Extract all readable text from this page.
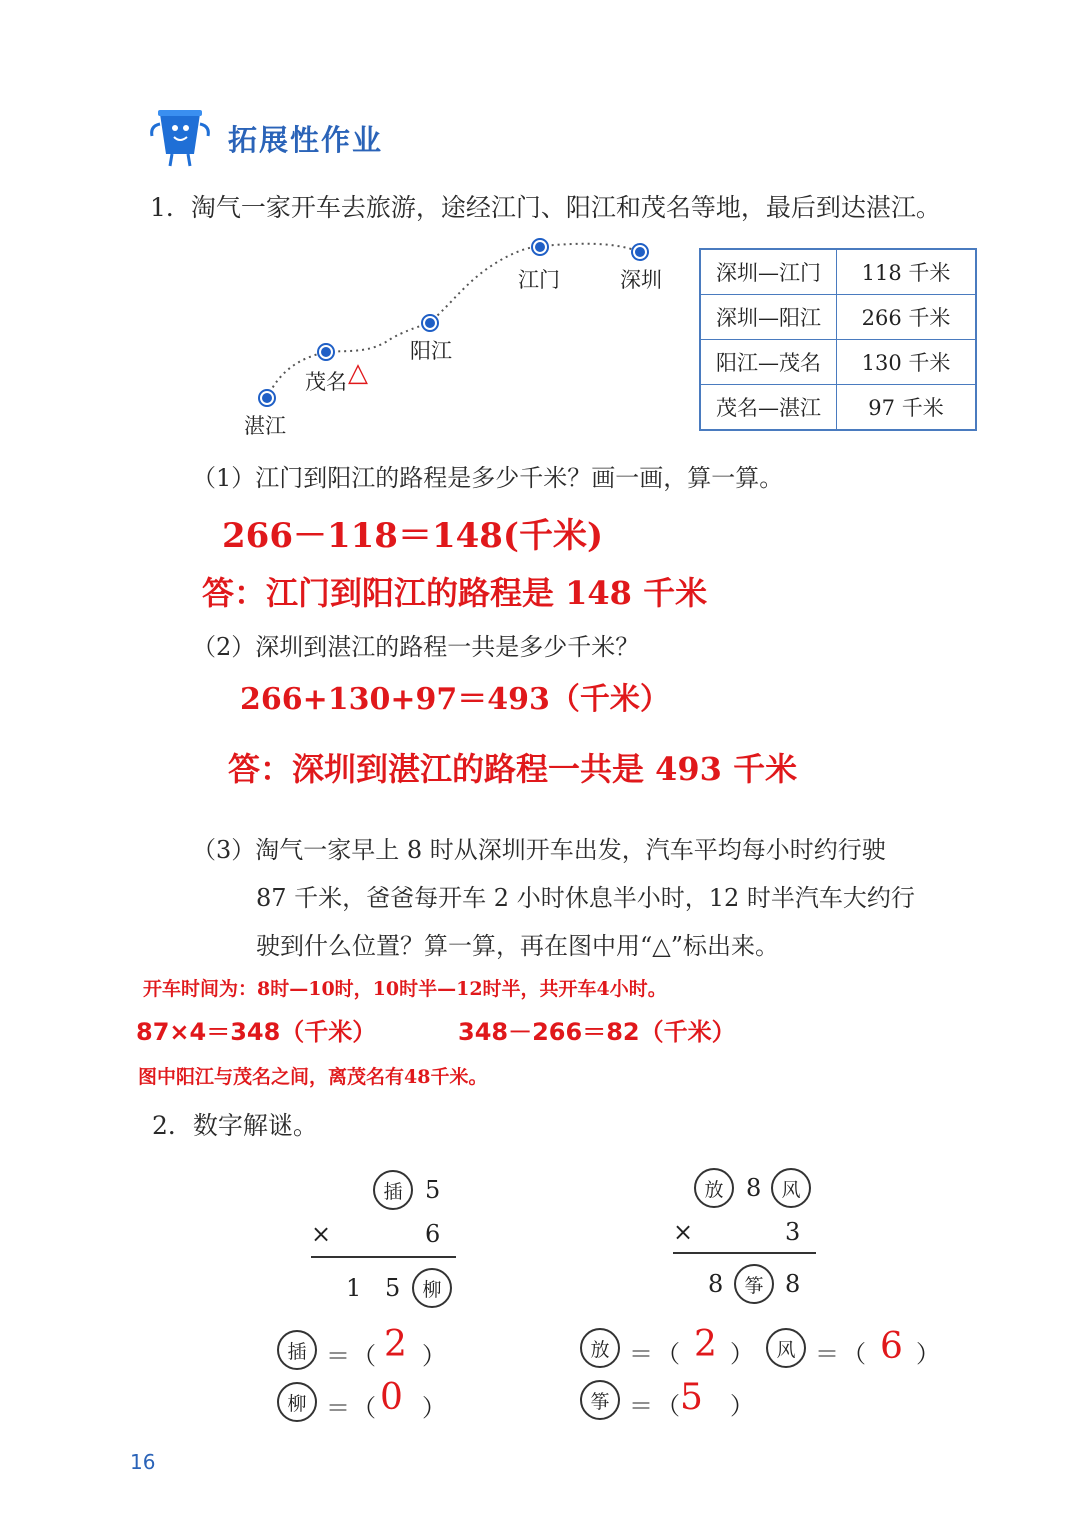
拓展性作业
1．淘气一家开车去旅游，途经江门、阳江和茂名等地，最后到达湛江。
江门	深圳
阳江
茂名 △
湛江
深圳—江门	118 千米
深圳—阳江	266 千米
阳江—茂名	130 千米
茂名—湛江	97 千米
（1）江门到阳江的路程是多少千米？画一画，算一算。
266－118＝148(千米)
答：江门到阳江的路程是 148 千米
（2）深圳到湛江的路程一共是多少千米？
266+130+97＝493（千米）
答：深圳到湛江的路程一共是 493 千米
（3）淘气一家早上 8 时从深圳开车出发，汽车平均每小时约行驶
87 千米，爸爸每开车 2 小时休息半小时，12 时半汽车大约行
驶到什么位置？算一算，再在图中用“△”标出来。
开车时间为：8时—10时，10时半—12时半，共开车4小时。
87×4＝348（千米）	348－266＝82（千米）
图中阳江与茂名之间，离茂名有48千米。
2．数字解谜。
插 5
×	6
1 5	柳
插 ＝ （ 2 ）
柳 ＝ （ 0 ）
放 8	风
×	3
8	筝 8
放 ＝ （ 2 ）	风 ＝ （ 6 ）
筝 ＝ （ 5 ）
16
